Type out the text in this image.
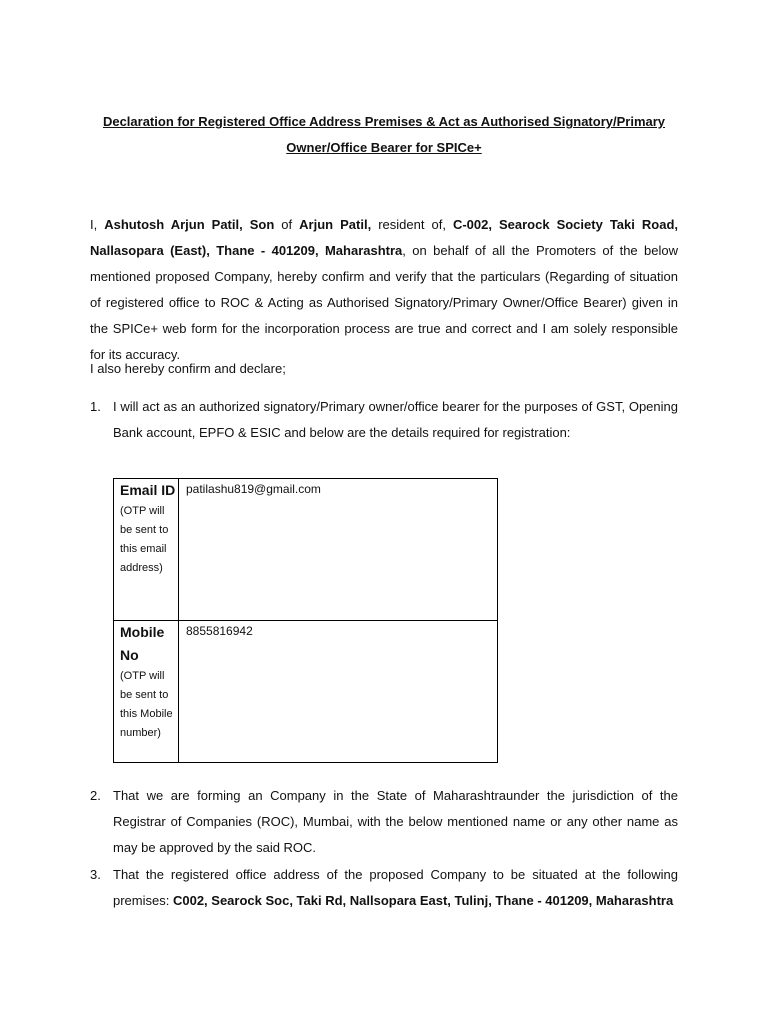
Declaration for Registered Office Address Premises & Act as Authorised Signatory/Primary
Owner/Office Bearer for SPICe+
I, Ashutosh Arjun Patil, Son of Arjun Patil, resident of, C-002, Searock Society Taki Road, Nallasopara (East), Thane - 401209, Maharashtra, on behalf of all the Promoters of the below mentioned proposed Company, hereby confirm and verify that the particulars (Regarding of situation of registered office to ROC & Acting as Authorised Signatory/Primary Owner/Office Bearer) given in the SPICe+ web form for the incorporation process are true and correct and I am solely responsible for its accuracy.
I also hereby confirm and declare;
1. I will act as an authorized signatory/Primary owner/office bearer for the purposes of GST, Opening Bank account, EPFO & ESIC and below are the details required for registration:
Email ID
(OTP will be sent to this email address)	patilashu819@gmail.com

Mobile No
(OTP will be sent to this Mobile number)	8855816942
2. That we are forming an Company in the State of Maharashtraunder the jurisdiction of the Registrar of Companies (ROC), Mumbai, with the below mentioned name or any other name as may be approved by the said ROC.
3. That the registered office address of the proposed Company to be situated at the following premises: C002, Searock Soc, Taki Rd, Nallsopara East, Tulinj, Thane - 401209, Maharashtra
